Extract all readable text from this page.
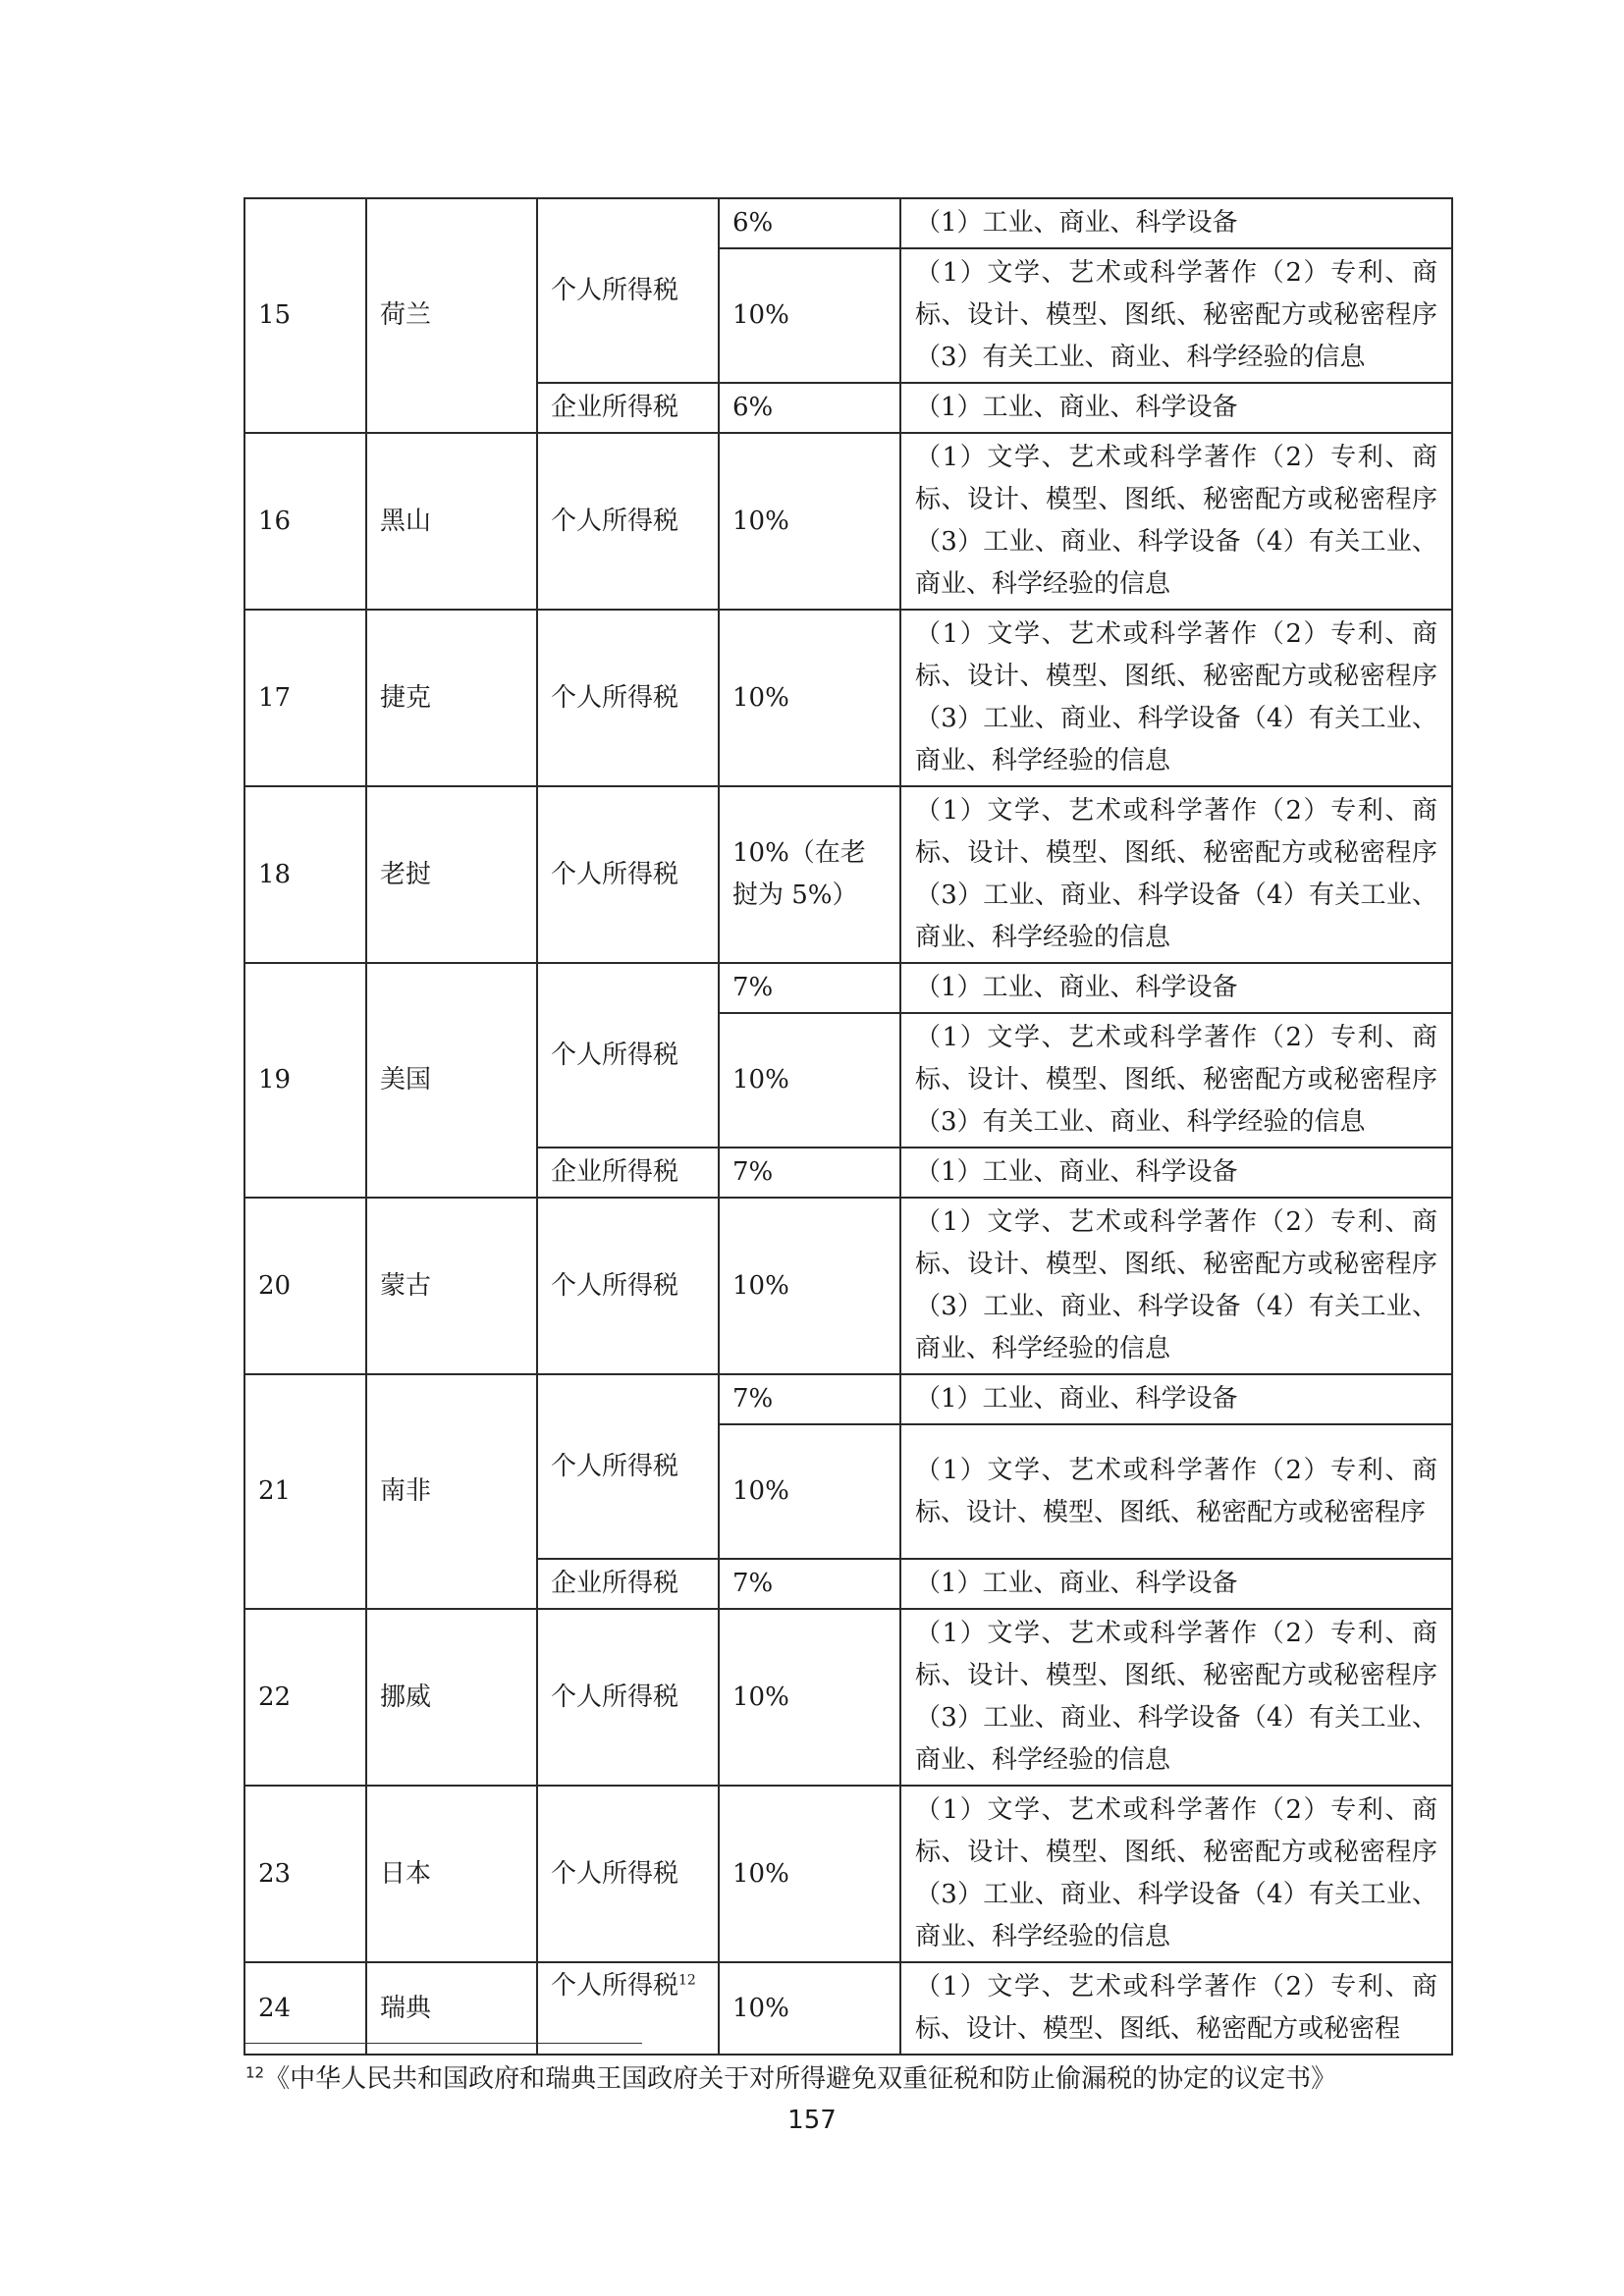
15	荷兰	个人所得税	6%	（1）工业、商业、科学设备
			10%	（1）文学、艺术或科学著作（2）专利、商标、设计、模型、图纸、秘密配方或秘密程序（3）有关工业、商业、科学经验的信息
		企业所得税	6%	（1）工业、商业、科学设备
16	黑山	个人所得税	10%	（1）文学、艺术或科学著作（2）专利、商标、设计、模型、图纸、秘密配方或秘密程序（3）工业、商业、科学设备（4）有关工业、商业、科学经验的信息
17	捷克	个人所得税	10%	（1）文学、艺术或科学著作（2）专利、商标、设计、模型、图纸、秘密配方或秘密程序（3）工业、商业、科学设备（4）有关工业、商业、科学经验的信息
18	老挝	个人所得税	10%（在老挝为 5%）	（1）文学、艺术或科学著作（2）专利、商标、设计、模型、图纸、秘密配方或秘密程序（3）工业、商业、科学设备（4）有关工业、商业、科学经验的信息
19	美国	个人所得税	7%	（1）工业、商业、科学设备
			10%	（1）文学、艺术或科学著作（2）专利、商标、设计、模型、图纸、秘密配方或秘密程序（3）有关工业、商业、科学经验的信息
		企业所得税	7%	（1）工业、商业、科学设备
20	蒙古	个人所得税	10%	（1）文学、艺术或科学著作（2）专利、商标、设计、模型、图纸、秘密配方或秘密程序（3）工业、商业、科学设备（4）有关工业、商业、科学经验的信息
21	南非	个人所得税	7%	（1）工业、商业、科学设备
			10%	（1）文学、艺术或科学著作（2）专利、商标、设计、模型、图纸、秘密配方或秘密程序
		企业所得税	7%	（1）工业、商业、科学设备
22	挪威	个人所得税	10%	（1）文学、艺术或科学著作（2）专利、商标、设计、模型、图纸、秘密配方或秘密程序（3）工业、商业、科学设备（4）有关工业、商业、科学经验的信息
23	日本	个人所得税	10%	（1）文学、艺术或科学著作（2）专利、商标、设计、模型、图纸、秘密配方或秘密程序（3）工业、商业、科学设备（4）有关工业、商业、科学经验的信息
24	瑞典	个人所得税$^{12}$	10%	（1）文学、艺术或科学著作（2）专利、商标、设计、模型、图纸、秘密配方或秘密程
$^{12}$《中华人民共和国政府和瑞典王国政府关于对所得避免双重征税和防止偷漏税的协定的议定书》
157
